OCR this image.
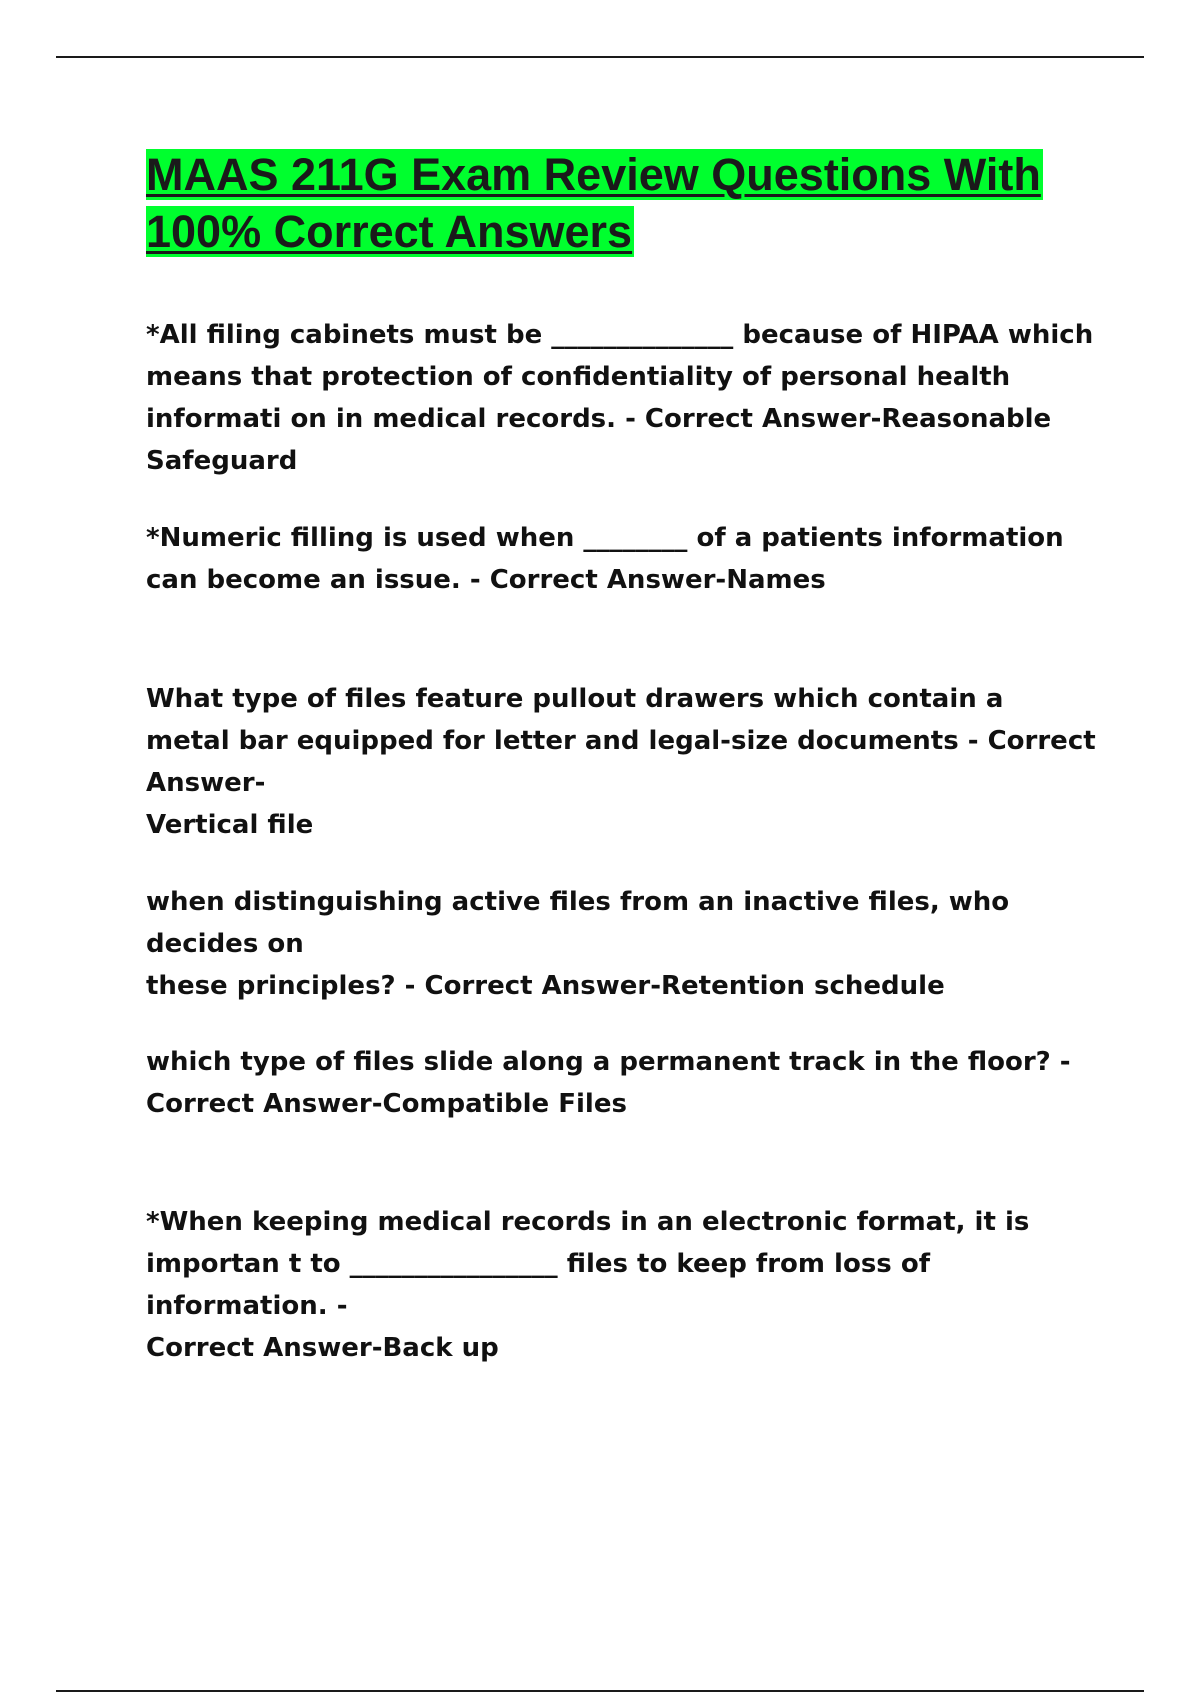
MAAS 211G Exam Review Questions With 100% Correct Answers

*All filing cabinets must be ______________ because of HIPAA which means that protection of confidentiality of personal health informati on in medical records. - Correct Answer-Reasonable Safeguard

*Numeric filling is used when ________ of a patients information can become an issue. - Correct Answer-Names

What type of files feature pullout drawers which contain a metal bar equipped for letter and legal-size documents - Correct Answer-
Vertical file

when distinguishing active files from an inactive files, who decides on
these principles? - Correct Answer-Retention schedule

which type of files slide along a permanent track in the floor? -
Correct Answer-Compatible Files

*When keeping medical records in an electronic format, it is importan t to ________________ files to keep from loss of information. -
Correct Answer-Back up
